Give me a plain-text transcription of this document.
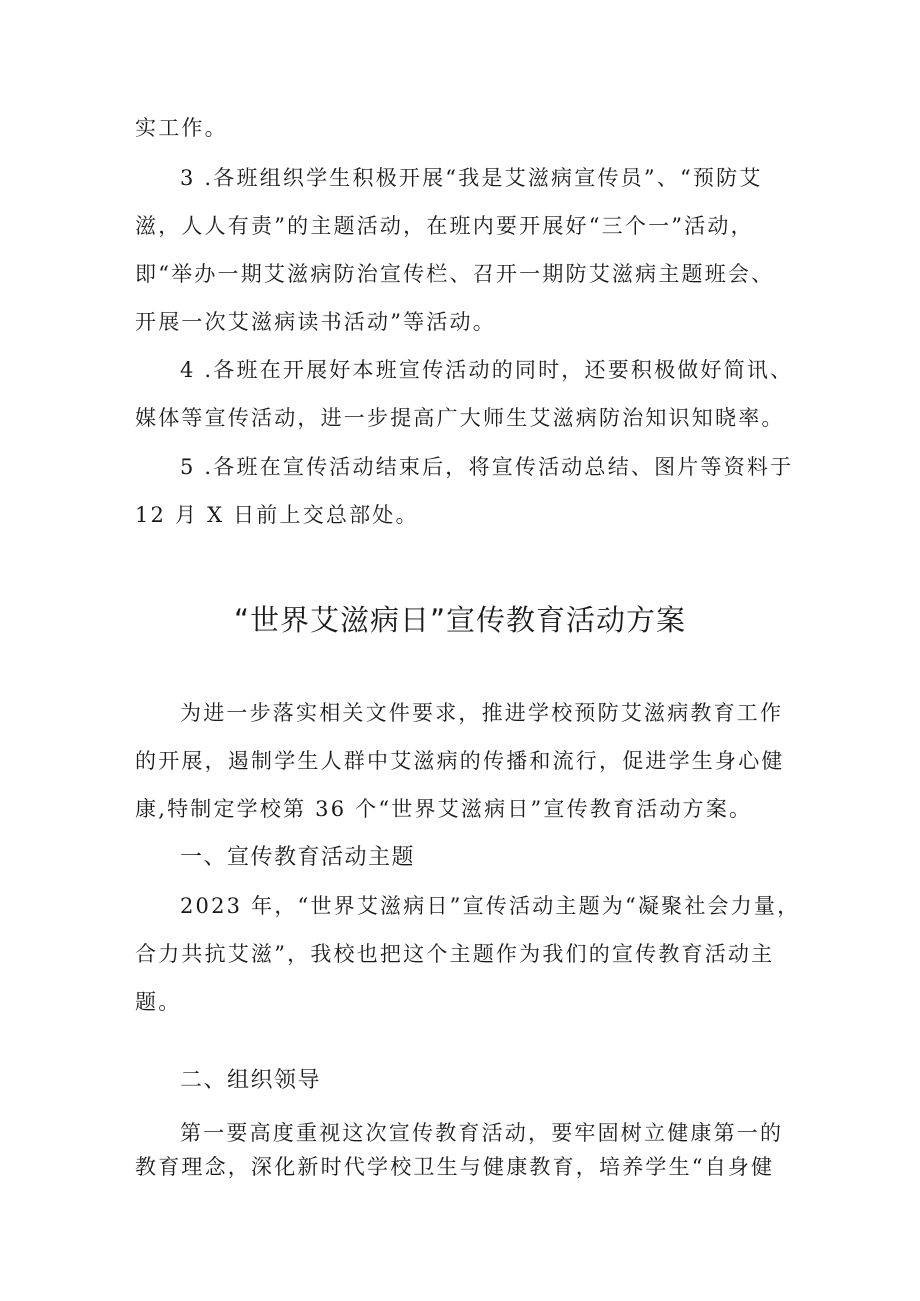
实工作。
3 .各班组织学生积极开展“我是艾滋病宣传员”、“预防艾
滋，人人有责”的主题活动，在班内要开展好“三个一”活动，
即“举办一期艾滋病防治宣传栏、召开一期防艾滋病主题班会、
开展一次艾滋病读书活动”等活动。
4 .各班在开展好本班宣传活动的同时，还要积极做好简讯、
媒体等宣传活动，进一步提高广大师生艾滋病防治知识知晓率。
5 .各班在宣传活动结束后，将宣传活动总结、图片等资料于
12 月 X 日前上交总部处。
“世界艾滋病日”宣传教育活动方案
为进一步落实相关文件要求，推进学校预防艾滋病教育工作
的开展，遏制学生人群中艾滋病的传播和流行，促进学生身心健
康,特制定学校第 36 个“世界艾滋病日”宣传教育活动方案。
一、宣传教育活动主题
2023 年，“世界艾滋病日”宣传活动主题为“凝聚社会力量，
合力共抗艾滋”，我校也把这个主题作为我们的宣传教育活动主
题。
二、组织领导
第一要高度重视这次宣传教育活动，要牢固树立健康第一的
教育理念，深化新时代学校卫生与健康教育，培养学生“自身健
